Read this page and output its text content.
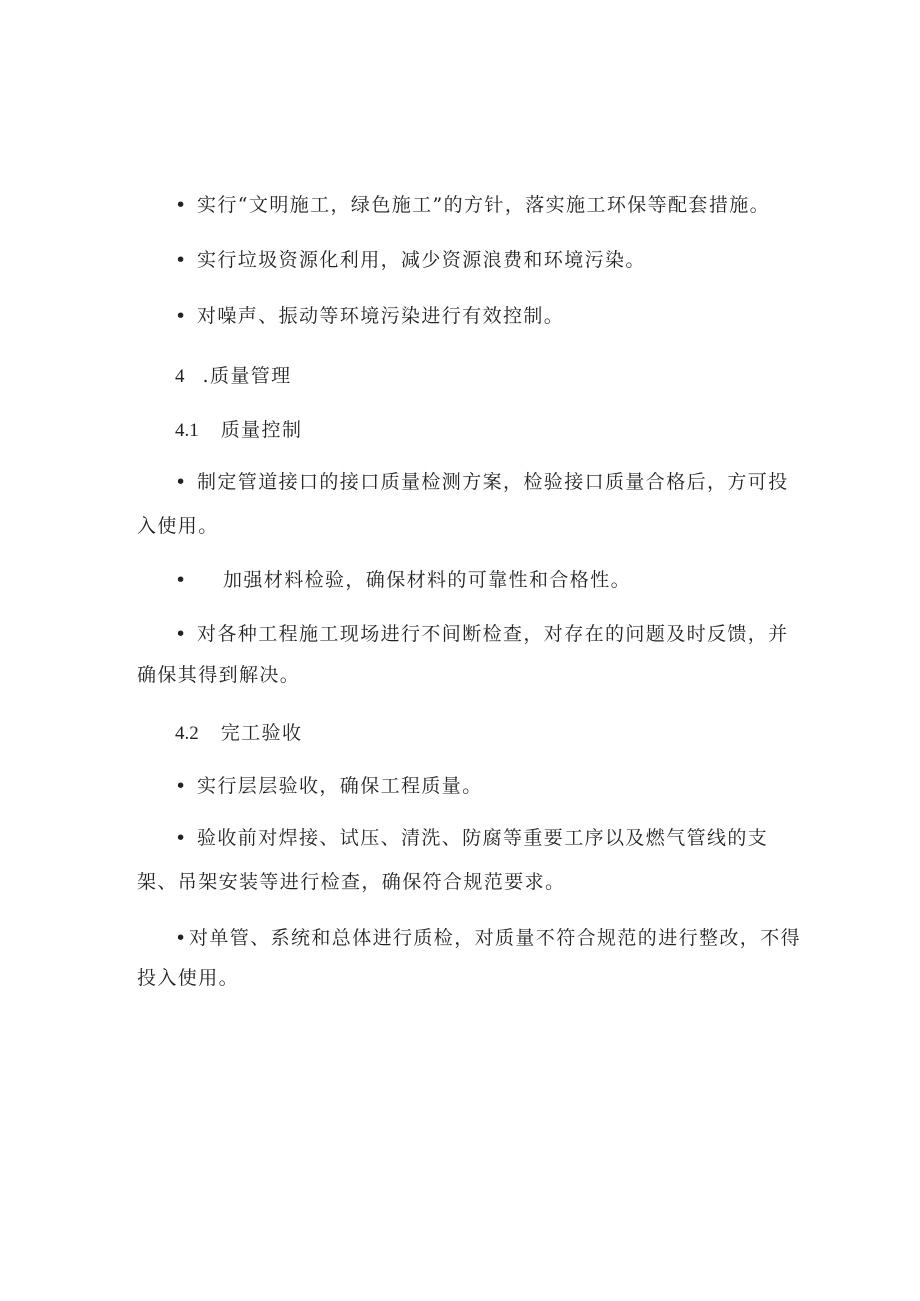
• 实行“文明施工，绿色施工”的方针，落实施工环保等配套措施。
• 实行垃圾资源化利用，减少资源浪费和环境污染。
• 对噪声、振动等环境污染进行有效控制。
4 .质量管理
4.1 质量控制
• 制定管道接口的接口质量检测方案，检验接口质量合格后，方可投
入使用。
• 加强材料检验，确保材料的可靠性和合格性。
• 对各种工程施工现场进行不间断检查，对存在的问题及时反馈，并
确保其得到解决。
4.2 完工验收
• 实行层层验收，确保工程质量。
• 验收前对焊接、试压、清洗、防腐等重要工序以及燃气管线的支
架、吊架安装等进行检查，确保符合规范要求。
•对单管、系统和总体进行质检，对质量不符合规范的进行整改，不得
投入使用。
